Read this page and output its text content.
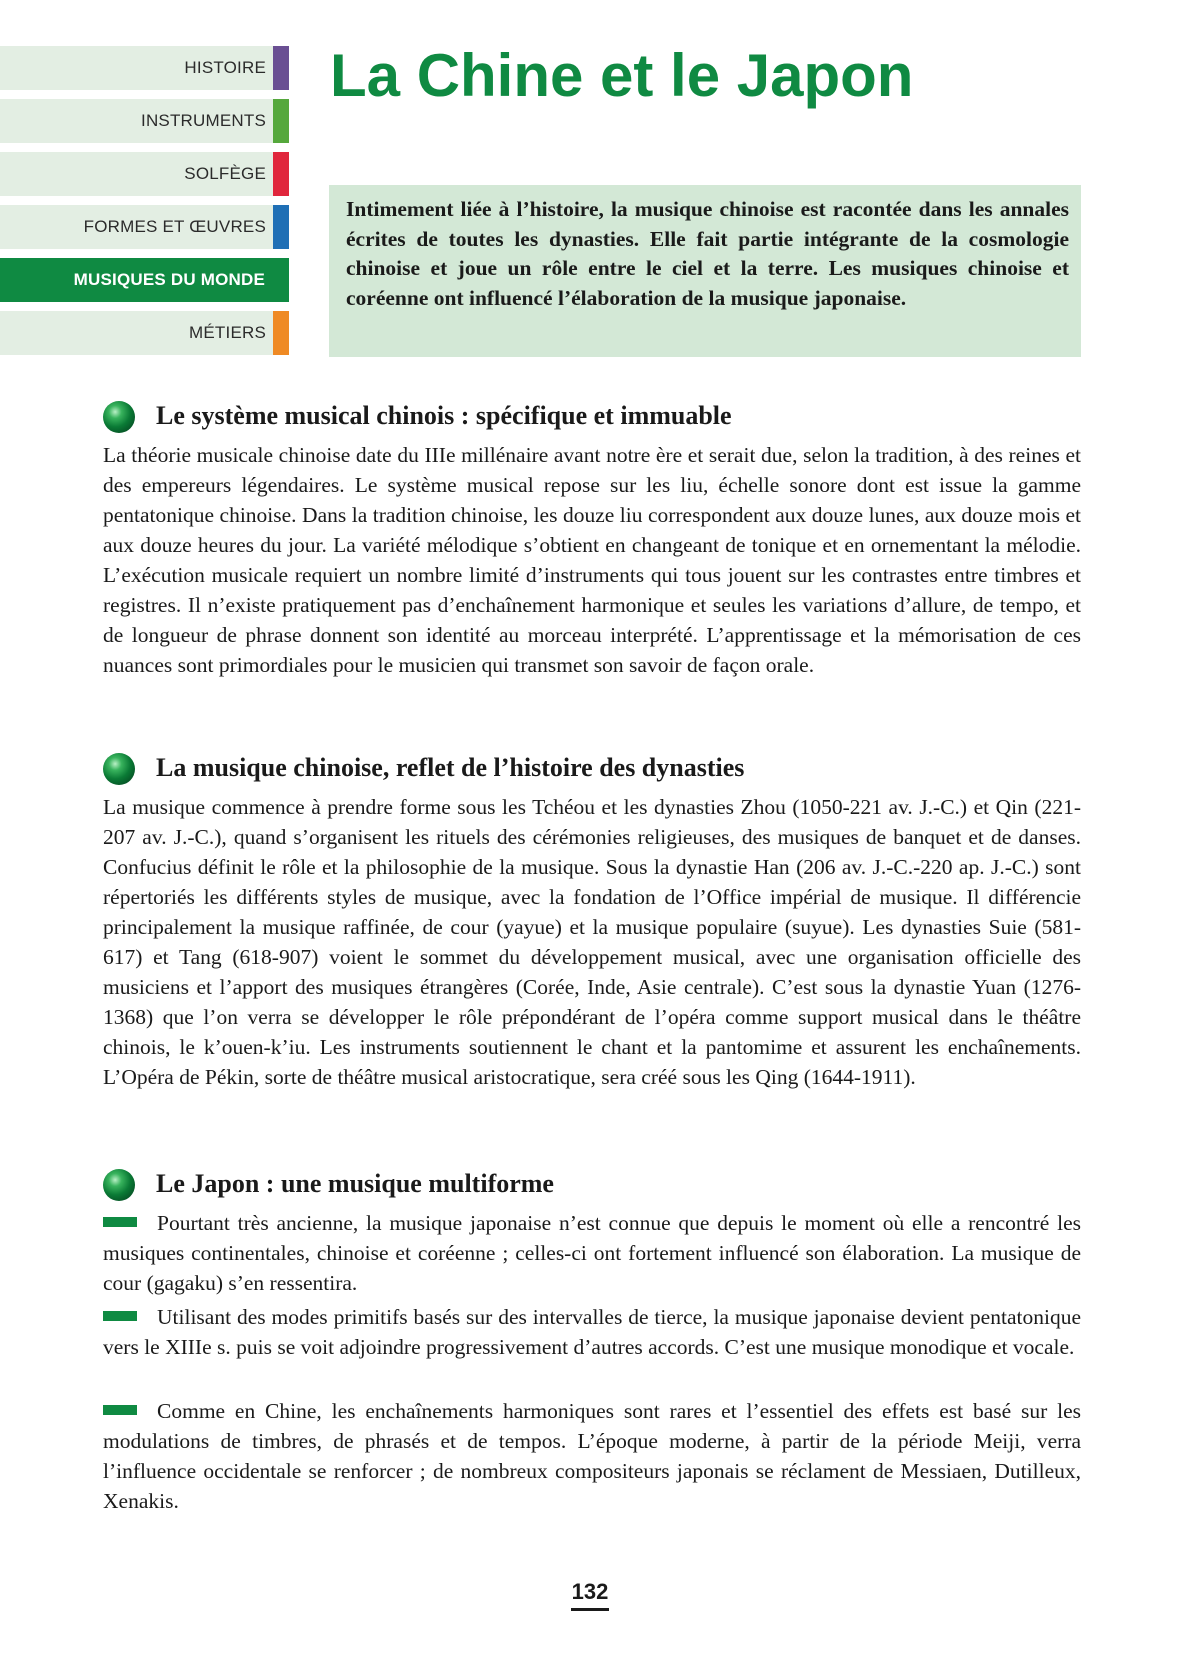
HISTOIRE
INSTRUMENTS
SOLFÈGE
FORMES ET ŒUVRES
MUSIQUES DU MONDE
MÉTIERS
La Chine et le Japon

Intimement liée à l’histoire, la musique chinoise est racontée dans les annales écrites de toutes les dynasties. Elle fait partie intégrante de la cosmologie chinoise et joue un rôle entre le ciel et la terre. Les musiques chinoise et coréenne ont influencé l’élaboration de la musique japonaise.

Le système musical chinois : spécifique et immuable

La théorie musicale chinoise date du IIIe millénaire avant notre ère et serait due, selon la tradition, à des reines et des empereurs légendaires. Le système musical repose sur les liu, échelle sonore dont est issue la gamme pentatonique chinoise. Dans la tradition chinoise, les douze liu correspondent aux douze lunes, aux douze mois et aux douze heures du jour. La variété mélodique s’obtient en changeant de tonique et en ornementant la mélodie. L’exécution musicale requiert un nombre limité d’instruments qui tous jouent sur les contrastes entre timbres et registres. Il n’existe pratiquement pas d’enchaînement harmonique et seules les variations d’allure, de tempo, et de longueur de phrase donnent son identité au morceau interprété. L’apprentissage et la mémorisation de ces nuances sont primordiales pour le musicien qui transmet son savoir de façon orale.

La musique chinoise, reflet de l’histoire des dynasties

La musique commence à prendre forme sous les Tchéou et les dynasties Zhou (1050-221 av. J.-C.) et Qin (221-207 av. J.-C.), quand s’organisent les rituels des cérémonies religieuses, des musiques de banquet et de danses. Confucius définit le rôle et la philosophie de la musique. Sous la dynastie Han (206 av. J.-C.-220 ap. J.-C.) sont répertoriés les différents styles de musique, avec la fondation de l’Office impérial de musique. Il différencie principalement la musique raffinée, de cour (yayue) et la musique populaire (suyue). Les dynasties Suie (581-617) et Tang (618-907) voient le sommet du développement musical, avec une organisation officielle des musiciens et l’apport des musiques étrangères (Corée, Inde, Asie centrale). C’est sous la dynastie Yuan (1276-1368) que l’on verra se développer le rôle prépondérant de l’opéra comme support musical dans le théâtre chinois, le k’ouen-k’iu. Les instruments soutiennent le chant et la pantomime et assurent les enchaînements. L’Opéra de Pékin, sorte de théâtre musical aristocratique, sera créé sous les Qing (1644-1911).

Le Japon : une musique multiforme

Pourtant très ancienne, la musique japonaise n’est connue que depuis le moment où elle a rencontré les musiques continentales, chinoise et coréenne ; celles-ci ont fortement influencé son élaboration. La musique de cour (gagaku) s’en ressentira.

Utilisant des modes primitifs basés sur des intervalles de tierce, la musique japonaise devient pentatonique vers le XIIIe s. puis se voit adjoindre progressivement d’autres accords. C’est une musique monodique et vocale.

Comme en Chine, les enchaînements harmoniques sont rares et l’essentiel des effets est basé sur les modulations de timbres, de phrasés et de tempos. L’époque moderne, à partir de la période Meiji, verra l’influence occidentale se renforcer ; de nombreux compositeurs japonais se réclament de Messiaen, Dutilleux, Xenakis.

132
